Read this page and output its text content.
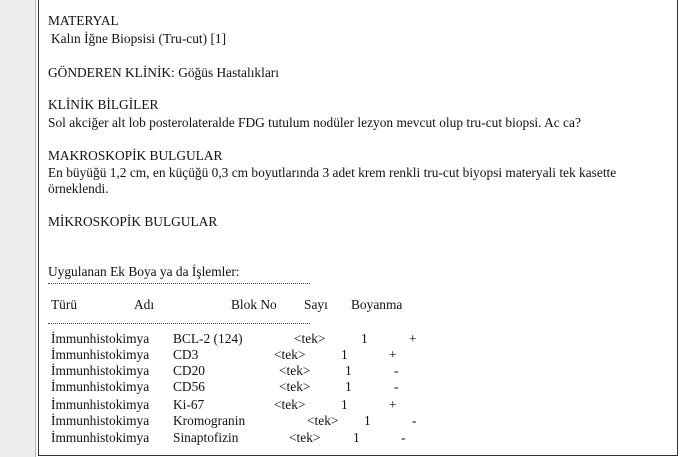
MATERYAL
Kalın İğne Biopsisi (Tru-cut) [1]
GÖNDEREN KLİNİK: Göğüs Hastalıkları
KLİNİK BİLGİLER
Sol akciğer alt lob posterolateralde FDG tutulum nodüler lezyon mevcut olup tru-cut biopsi. Ac ca?
MAKROSKOPİK BULGULAR
En büyüğü 1,2 cm, en küçüğü 0,3 cm boyutlarında 3 adet krem renkli tru-cut biyopsi materyali tek kasette
örneklendi.
MİKROSKOPİK BULGULAR
Uygulanan Ek Boya ya da İşlemler:
Türü	Adı	Blok No Sayı Boyanma
İmmunhistokimya BCL-2 (124)	<tek>	1	+
İmmunhistokimya CD3	<tek>	1	+
İmmunhistokimya CD20	<tek>	1	-
İmmunhistokimya CD56	<tek>	1	-
İmmunhistokimya Ki-67	<tek>	1	+
İmmunhistokimya Kromogranin	<tek> 1	-
İmmunhistokimya Sinaptofizin	<tek> 1	-
